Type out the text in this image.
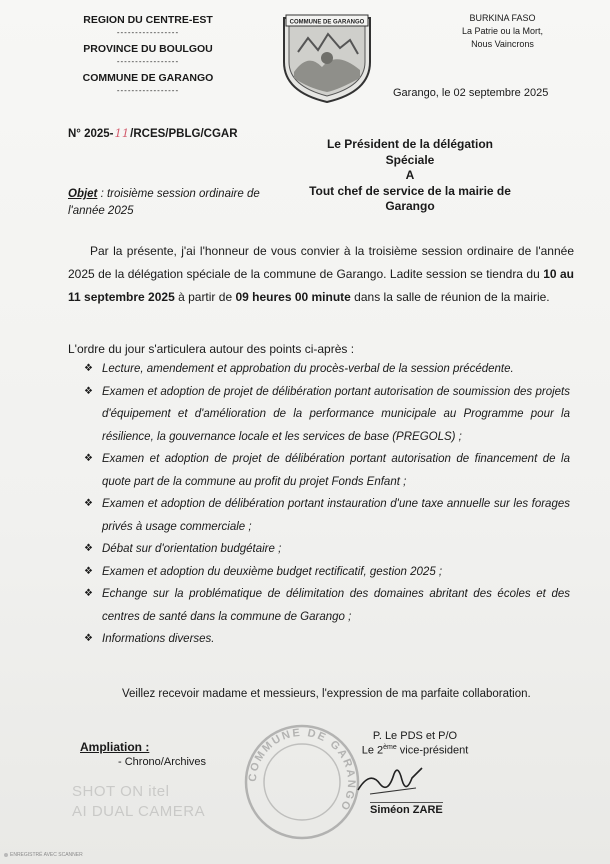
REGION DU CENTRE-EST
-----------------
PROVINCE DU BOULGOU
-----------------
COMMUNE DE GARANGO
-----------------
COMMUNE DE GARANGO	BURKINA FASO
La Patrie ou la Mort,
Nous Vaincrons
Garango, le 02 septembre 2025
N° 2025-11/RCES/PBLG/CGAR
Le Président de la délégation
Spéciale
A
Tout chef de service de la mairie de
Garango
Objet : troisième session ordinaire de
l'année 2025

Par la présente, j'ai l'honneur de vous convier à la troisième session ordinaire de l'année 2025 de la délégation spéciale de la commune de Garango. Ladite session se tiendra du 10 au 11 septembre 2025 à partir de 09 heures 00 minute dans la salle de réunion de la mairie.

L'ordre du jour s'articulera autour des points ci-après :
❖ Lecture, amendement et approbation du procès-verbal de la session précédente.
❖ Examen et adoption de projet de délibération portant autorisation de soumission des projets d'équipement et d'amélioration de la performance municipale au Programme pour la résilience, la gouvernance locale et les services de base (PREGOLS) ;
❖ Examen et adoption de projet de délibération portant autorisation de financement de la quote part de la commune au profit du projet Fonds Enfant ;
❖ Examen et adoption de délibération portant instauration d'une taxe annuelle sur les forages privés à usage commerciale ;
❖ Débat sur d'orientation budgétaire ;
❖ Examen et adoption du deuxième budget rectificatif, gestion 2025 ;
❖ Echange sur la problématique de délimitation des domaines abritant des écoles et des centres de santé dans la commune de Garango ;
❖ Informations diverses.

Veillez recevoir madame et messieurs, l'expression de ma parfaite collaboration.

Ampliation :
- Chrono/Archives
COMMUNE DE GARANGO
P. Le PDS et P/O
Le 2ème vice-président
Siméon ZARE
SHOT ON itel
AI DUAL CAMERA
ENREGISTRÉ AVEC SCANNER
